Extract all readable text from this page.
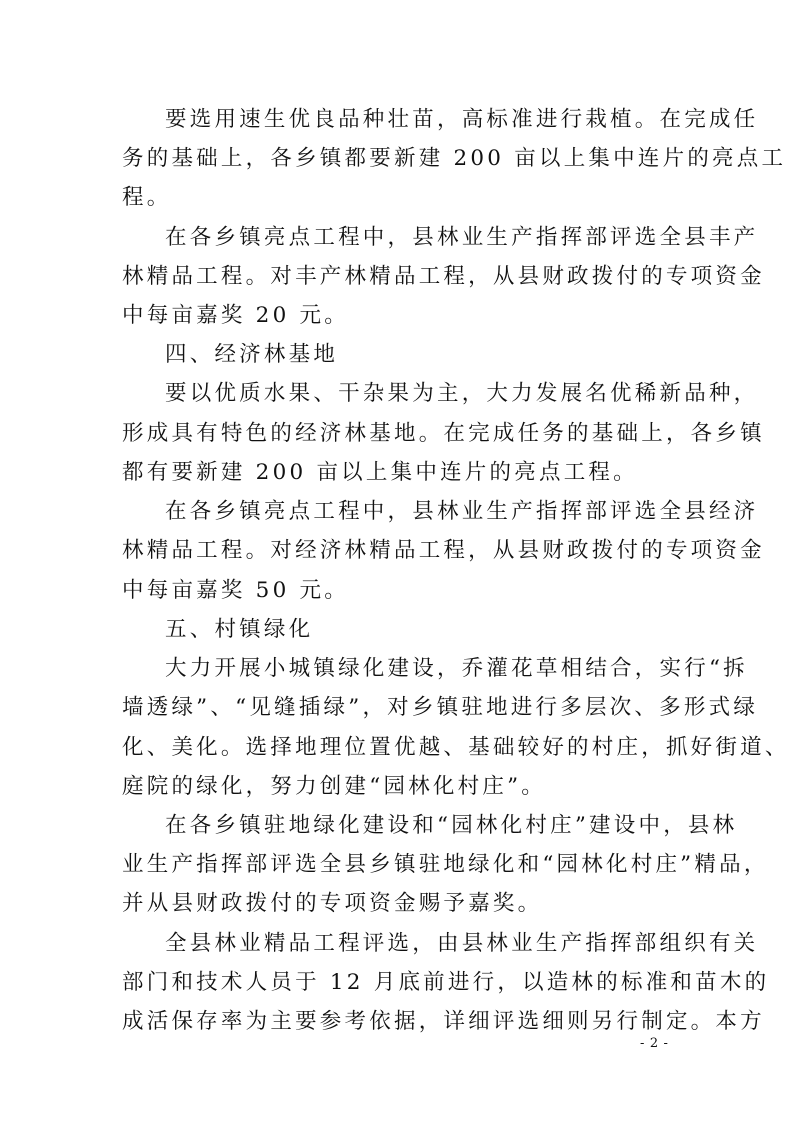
要选用速生优良品种壮苗，高标准进行栽植。在完成任
务的基础上，各乡镇都要新建 200 亩以上集中连片的亮点工
程。
在各乡镇亮点工程中，县林业生产指挥部评选全县丰产
林精品工程。对丰产林精品工程，从县财政拨付的专项资金
中每亩嘉奖 20 元。
四、经济林基地
要以优质水果、干杂果为主，大力发展名优稀新品种，
形成具有特色的经济林基地。在完成任务的基础上，各乡镇
都有要新建 200 亩以上集中连片的亮点工程。
在各乡镇亮点工程中，县林业生产指挥部评选全县经济
林精品工程。对经济林精品工程，从县财政拨付的专项资金
中每亩嘉奖 50 元。
五、村镇绿化
大力开展小城镇绿化建设，乔灌花草相结合，实行“拆
墙透绿”、“见缝插绿”，对乡镇驻地进行多层次、多形式绿
化、美化。选择地理位置优越、基础较好的村庄，抓好街道、
庭院的绿化，努力创建“园林化村庄”。
在各乡镇驻地绿化建设和“园林化村庄”建设中，县林
业生产指挥部评选全县乡镇驻地绿化和“园林化村庄”精品，
并从县财政拨付的专项资金赐予嘉奖。
全县林业精品工程评选，由县林业生产指挥部组织有关
部门和技术人员于 12 月底前进行，以造林的标准和苗木的
成活保存率为主要参考依据，详细评选细则另行制定。本方
- 2 -
